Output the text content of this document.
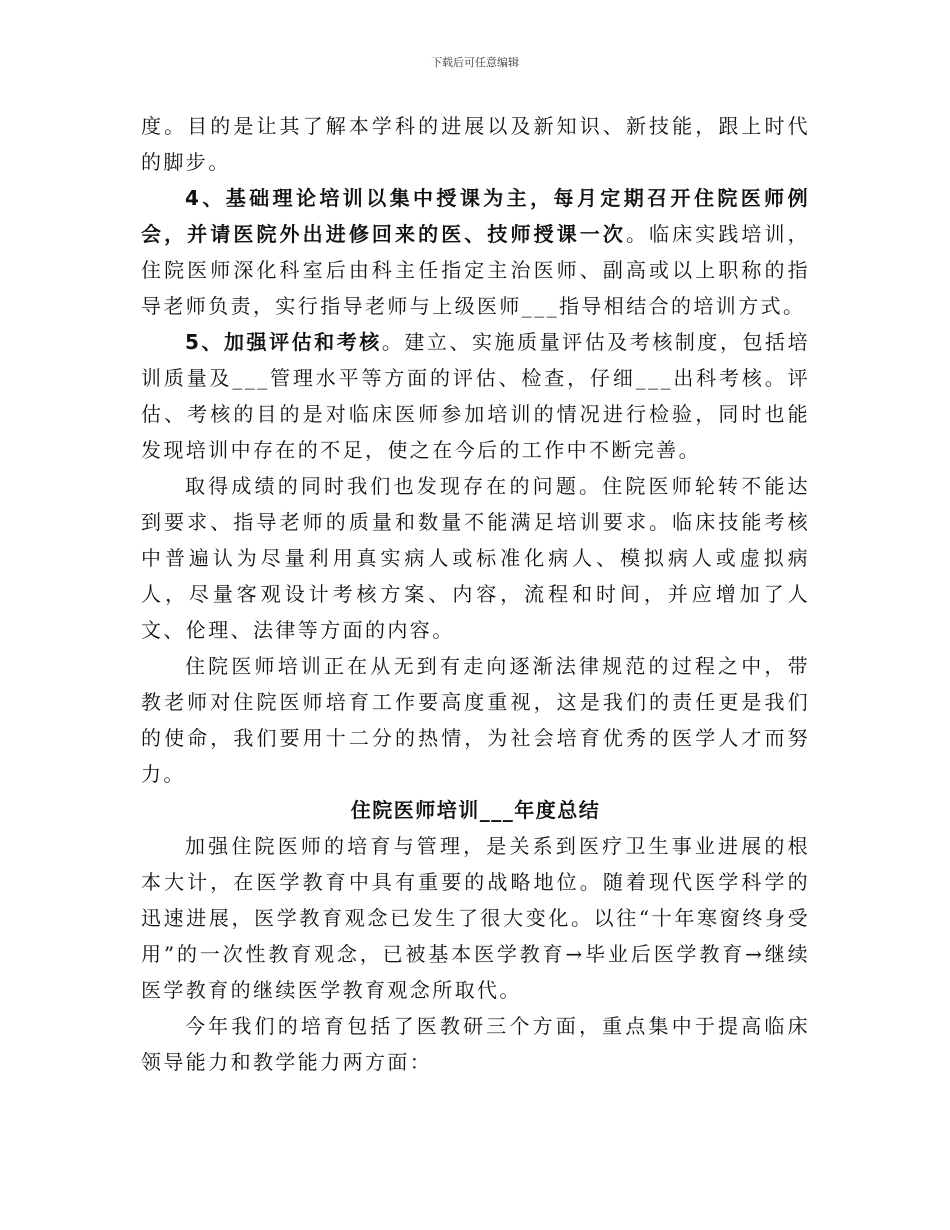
下载后可任意编辑

度。目的是让其了解本学科的进展以及新知识、新技能，跟上时代的脚步。

4、基础理论培训以集中授课为主，每月定期召开住院医师例会，并请医院外出进修回来的医、技师授课一次。临床实践培训，住院医师深化科室后由科主任指定主治医师、副高或以上职称的指导老师负责，实行指导老师与上级医师___指导相结合的培训方式。

5、加强评估和考核。建立、实施质量评估及考核制度，包括培训质量及___管理水平等方面的评估、检查，仔细___出科考核。评估、考核的目的是对临床医师参加培训的情况进行检验，同时也能发现培训中存在的不足，使之在今后的工作中不断完善。

取得成绩的同时我们也发现存在的问题。住院医师轮转不能达到要求、指导老师的质量和数量不能满足培训要求。临床技能考核中普遍认为尽量利用真实病人或标准化病人、模拟病人或虚拟病人，尽量客观设计考核方案、内容，流程和时间，并应增加了人文、伦理、法律等方面的内容。

住院医师培训正在从无到有走向逐渐法律规范的过程之中，带教老师对住院医师培育工作要高度重视，这是我们的责任更是我们的使命，我们要用十二分的热情，为社会培育优秀的医学人才而努力。

住院医师培训___年度总结

加强住院医师的培育与管理，是关系到医疗卫生事业进展的根本大计，在医学教育中具有重要的战略地位。随着现代医学科学的迅速进展，医学教育观念已发生了很大变化。以往“十年寒窗终身受用”的一次性教育观念，已被基本医学教育→毕业后医学教育→继续医学教育的继续医学教育观念所取代。

今年我们的培育包括了医教研三个方面，重点集中于提高临床领导能力和教学能力两方面：
